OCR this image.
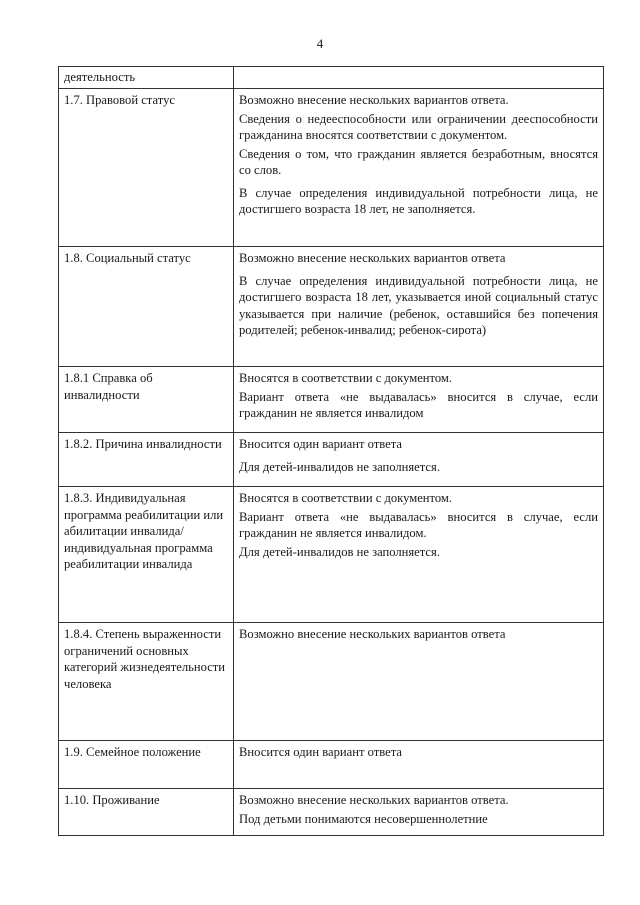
4
деятельность	

1.7. Правовой статус	Возможно внесение нескольких вариантов ответа.

Сведения о недееспособности или ограничении дееспособности гражданина вносятся соответствии с документом.

Сведения о том, что гражданин является безработным, вносятся со слов.

В случае определения индивидуальной потребности лица, не достигшего возраста 18 лет, не заполняется.

1.8. Социальный статус	Возможно внесение нескольких вариантов ответа

В случае определения индивидуальной потребности лица, не достигшего возраста 18 лет, указывается иной социальный статус указывается при наличие (ребенок, оставшийся без попечения родителей; ребенок-инвалид; ребенок-сирота)

1.8.1 Справка об инвалидности	Вносятся в соответствии с документом.

Вариант ответа «не выдавалась» вносится в случае, если гражданин не является инвалидом

1.8.2. Причина инвалидности	Вносится один вариант ответа

Для детей-инвалидов не заполняется.

1.8.3. Индивидуальная программа реабилитации или абилитации инвалида/ индивидуальная программа реабилитации инвалида	Вносятся в соответствии с документом.

Вариант ответа «не выдавалась» вносится в случае, если гражданин не является инвалидом.

Для детей-инвалидов не заполняется.

1.8.4. Степень выраженности ограничений основных категорий жизнедеятельности человека	Возможно внесение нескольких вариантов ответа

1.9. Семейное положение	Вносится один вариант ответа

1.10. Проживание	Возможно внесение нескольких вариантов ответа.

Под детьми понимаются несовершеннолетние
